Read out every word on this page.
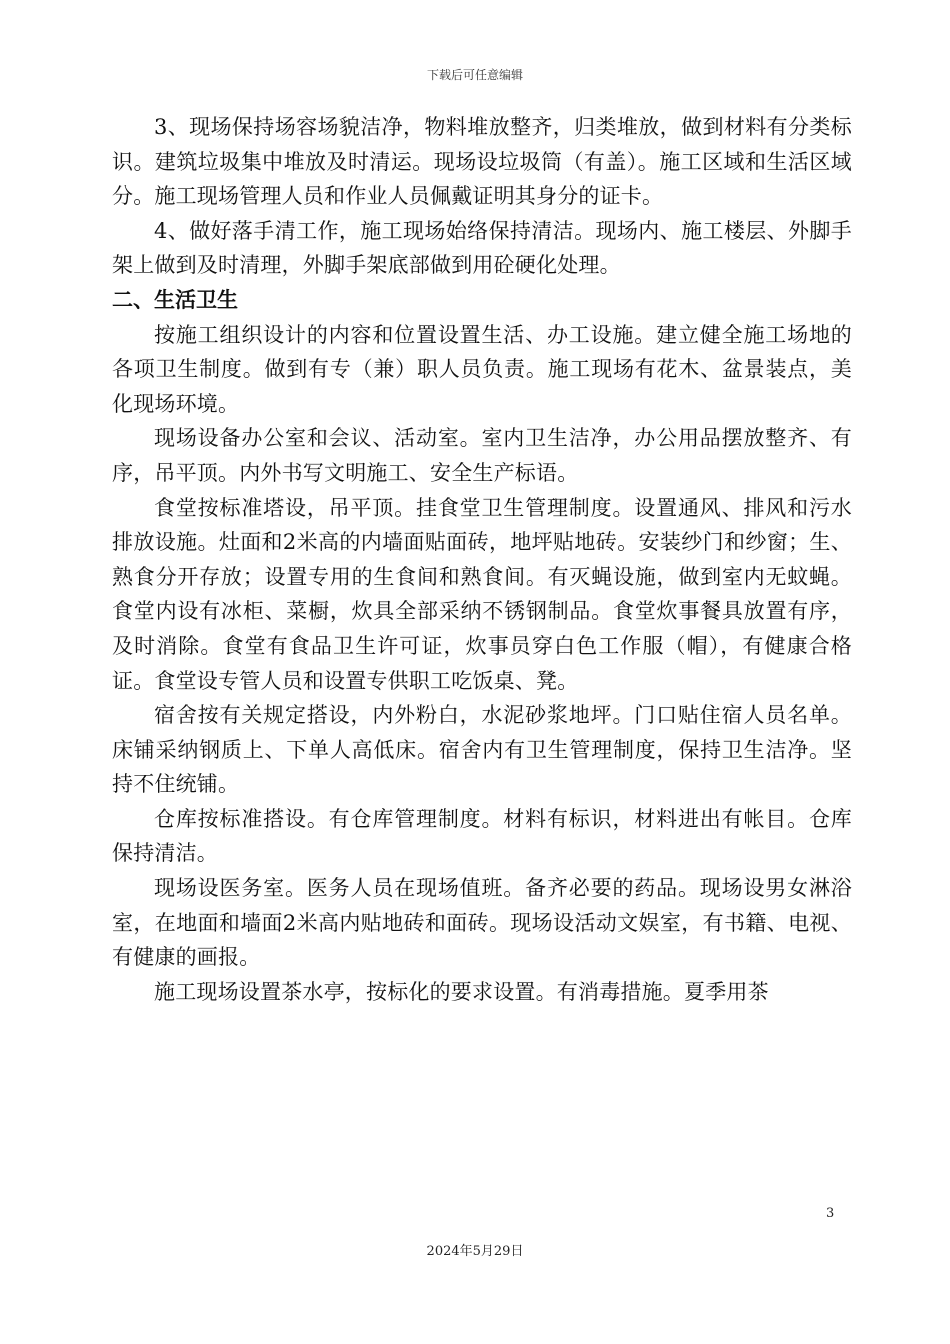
下载后可任意编辑

3、现场保持场容场貌洁净，物料堆放整齐，归类堆放，做到材料有分类标识。建筑垃圾集中堆放及时清运。现场设垃圾筒（有盖）。施工区域和生活区域分。施工现场管理人员和作业人员佩戴证明其身分的证卡。

4、做好落手清工作，施工现场始络保持清洁。现场内、施工楼层、外脚手架上做到及时清理，外脚手架底部做到用砼硬化处理。

二、生活卫生

按施工组织设计的内容和位置设置生活、办工设施。建立健全施工场地的各项卫生制度。做到有专（兼）职人员负责。施工现场有花木、盆景装点，美化现场环境。

现场设备办公室和会议、活动室。室内卫生洁净，办公用品摆放整齐、有序，吊平顶。内外书写文明施工、安全生产标语。

食堂按标准塔设，吊平顶。挂食堂卫生管理制度。设置通风、排风和污水排放设施。灶面和2米高的内墙面贴面砖，地坪贴地砖。安装纱门和纱窗；生、熟食分开存放；设置专用的生食间和熟食间。有灭蝇设施，做到室内无蚊蝇。食堂内设有冰柜、菜橱，炊具全部采纳不锈钢制品。食堂炊事餐具放置有序，及时消除。食堂有食品卫生许可证，炊事员穿白色工作服（帽），有健康合格证。食堂设专管人员和设置专供职工吃饭桌、凳。

宿舍按有关规定搭设，内外粉白，水泥砂浆地坪。门口贴住宿人员名单。床铺采纳钢质上、下单人高低床。宿舍内有卫生管理制度，保持卫生洁净。坚持不住统铺。

仓库按标准搭设。有仓库管理制度。材料有标识，材料进出有帐目。仓库保持清洁。

现场设医务室。医务人员在现场值班。备齐必要的药品。现场设男女淋浴室，在地面和墙面2米高内贴地砖和面砖。现场设活动文娱室，有书籍、电视、有健康的画报。

施工现场设置茶水亭，按标化的要求设置。有消毒措施。夏季用茶

3
2024年5月29日
